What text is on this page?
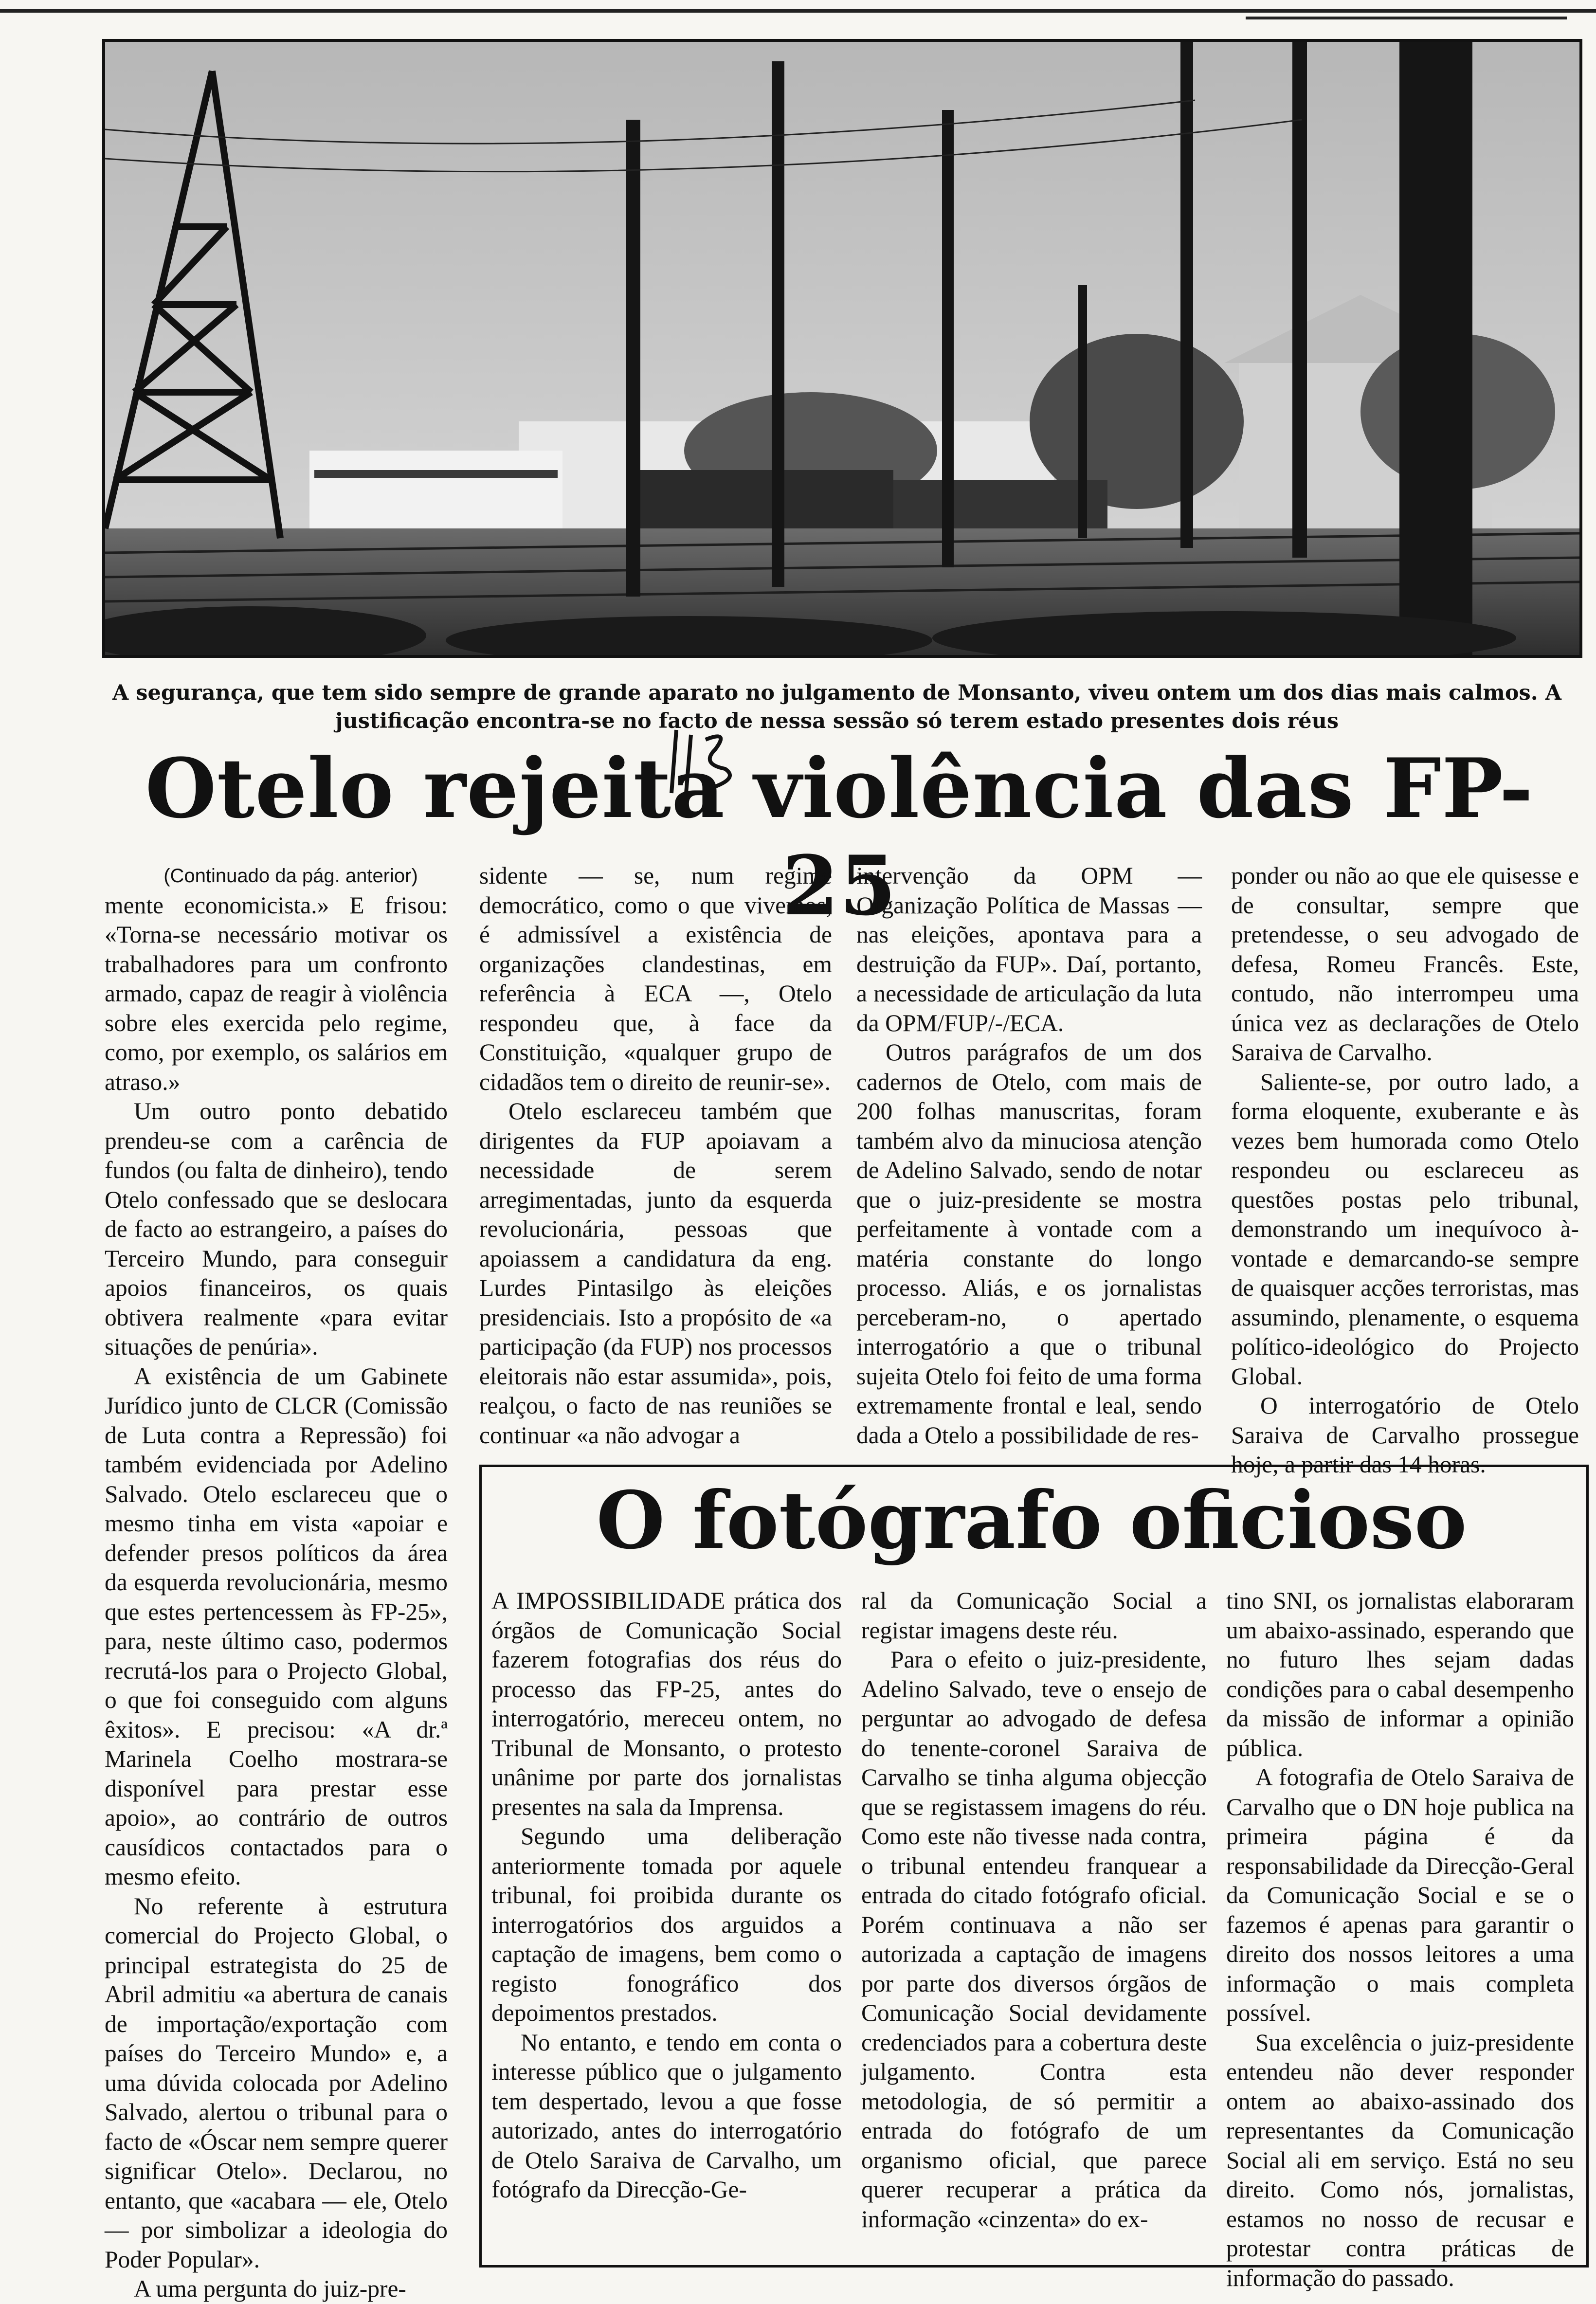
A segurança, que tem sido sempre de grande aparato no julgamento de Monsanto, viveu ontem um dos dias mais calmos. A justificação encontra-se no facto de nessa sessão só terem estado presentes dois réus
Otelo rejeita violência das FP-25

(Continuado da pág. anterior)

mente economicista.» E frisou: «Torna-se necessário motivar os trabalhadores para um confronto armado, capaz de reagir à violência sobre eles exercida pelo regime, como, por exemplo, os salários em atraso.»

Um outro ponto debatido prendeu-se com a carência de fundos (ou falta de dinheiro), tendo Otelo confessado que se deslocara de facto ao estrangeiro, a países do Terceiro Mundo, para conseguir apoios financeiros, os quais obtivera realmente «para evitar situações de penúria».

A existência de um Gabinete Jurídico junto de CLCR (Comissão de Luta contra a Repressão) foi também evidenciada por Adelino Salvado. Otelo esclareceu que o mesmo tinha em vista «apoiar e defender presos políticos da área da esquerda revolucionária, mesmo que estes pertencessem às FP-25», para, neste último caso, podermos recrutá-los para o Projecto Global, o que foi conseguido com alguns êxitos». E precisou: «A dr.ª Marinela Coelho mostrara-se disponível para prestar esse apoio», ao contrário de outros causídicos contactados para o mesmo efeito.

No referente à estrutura comercial do Projecto Global, o principal estrategista do 25 de Abril admitiu «a abertura de canais de importação/exportação com países do Terceiro Mundo» e, a uma dúvida colocada por Adelino Salvado, alertou o tribunal para o facto de «Óscar nem sempre querer significar Otelo». Declarou, no entanto, que «acabara — ele, Otelo — por simbolizar a ideologia do Poder Popular».

A uma pergunta do juiz-pre-

sidente — se, num regime democrático, como o que vivemos, é admissível a existência de organizações clandestinas, em referência à ECA —, Otelo respondeu que, à face da Constituição, «qualquer grupo de cidadãos tem o direito de reunir-se».

Otelo esclareceu também que dirigentes da FUP apoiavam a necessidade de serem arregimentadas, junto da esquerda revolucionária, pessoas que apoiassem a candidatura da eng. Lurdes Pintasilgo às eleições presidenciais. Isto a propósito de «a participação (da FUP) nos processos eleitorais não estar assumida», pois, realçou, o facto de nas reuniões se continuar «a não advogar a

intervenção da OPM — Organização Política de Massas — nas eleições, apontava para a destruição da FUP». Daí, portanto, a necessidade de articulação da luta da OPM/FUP/-/ECA.

Outros parágrafos de um dos cadernos de Otelo, com mais de 200 folhas manuscritas, foram também alvo da minuciosa atenção de Adelino Salvado, sendo de notar que o juiz-presidente se mostra perfeitamente à vontade com a matéria constante do longo processo. Aliás, e os jornalistas perceberam-no, o apertado interrogatório a que o tribunal sujeita Otelo foi feito de uma forma extremamente frontal e leal, sendo dada a Otelo a possibilidade de res-

ponder ou não ao que ele quisesse e de consultar, sempre que pretendesse, o seu advogado de defesa, Romeu Francês. Este, contudo, não interrompeu uma única vez as declarações de Otelo Saraiva de Carvalho.

Saliente-se, por outro lado, a forma eloquente, exuberante e às vezes bem humorada como Otelo respondeu ou esclareceu as questões postas pelo tribunal, demonstrando um inequívoco à-vontade e demarcando-se sempre de quaisquer acções terroristas, mas assumindo, plenamente, o esquema político-ideológico do Projecto Global.

O interrogatório de Otelo Saraiva de Carvalho prossegue hoje, a partir das 14 horas.

O fotógrafo oficioso

A IMPOSSIBILIDADE prática dos órgãos de Comunicação Social fazerem fotografias dos réus do processo das FP-25, antes do interrogatório, mereceu ontem, no Tribunal de Monsanto, o protesto unânime por parte dos jornalistas presentes na sala da Imprensa.

Segundo uma deliberação anteriormente tomada por aquele tribunal, foi proibida durante os interrogatórios dos arguidos a captação de imagens, bem como o registo fonográfico dos depoimentos prestados.

No entanto, e tendo em conta o interesse público que o julgamento tem despertado, levou a que fosse autorizado, antes do interrogatório de Otelo Saraiva de Carvalho, um fotógrafo da Direcção-Ge-

ral da Comunicação Social a registar imagens deste réu.

Para o efeito o juiz-presidente, Adelino Salvado, teve o ensejo de perguntar ao advogado de defesa do tenente-coronel Saraiva de Carvalho se tinha alguma objecção que se registassem imagens do réu. Como este não tivesse nada contra, o tribunal entendeu franquear a entrada do citado fotógrafo oficial. Porém continuava a não ser autorizada a captação de imagens por parte dos diversos órgãos de Comunicação Social devidamente credenciados para a cobertura deste julgamento. Contra esta metodologia, de só permitir a entrada do fotógrafo de um organismo oficial, que parece querer recuperar a prática da informação «cinzenta» do ex-

tino SNI, os jornalistas elaboraram um abaixo-assinado, esperando que no futuro lhes sejam dadas condições para o cabal desempenho da missão de informar a opinião pública.

A fotografia de Otelo Saraiva de Carvalho que o DN hoje publica na primeira página é da responsabilidade da Direcção-Geral da Comunicação Social e se o fazemos é apenas para garantir o direito dos nossos leitores a uma informação o mais completa possível.

Sua excelência o juiz-presidente entendeu não dever responder ontem ao abaixo-assinado dos representantes da Comunicação Social ali em serviço. Está no seu direito. Como nós, jornalistas, estamos no nosso de recusar e protestar contra práticas de informação do passado.
